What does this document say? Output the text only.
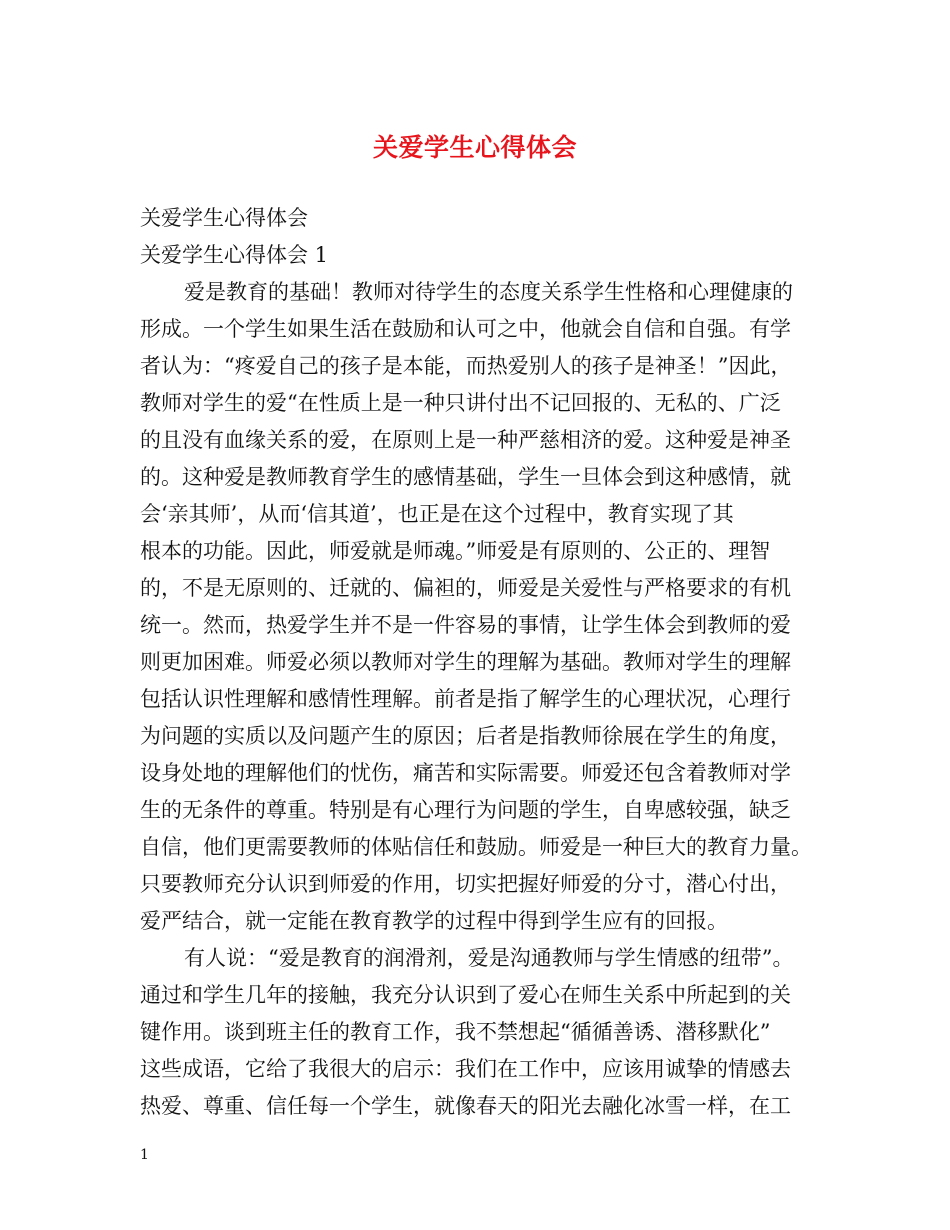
关爱学生心得体会
关爱学生心得体会
关爱学生心得体会 1
爱是教育的基础！教师对待学生的态度关系学生性格和心理健康的
形成。一个学生如果生活在鼓励和认可之中，他就会自信和自强。有学
者认为：“疼爱自己的孩子是本能，而热爱别人的孩子是神圣！”因此，
教师对学生的爱“在性质上是一种只讲付出不记回报的、无私的、广泛
的且没有血缘关系的爱，在原则上是一种严慈相济的爱。这种爱是神圣
的。这种爱是教师教育学生的感情基础，学生一旦体会到这种感情，就
会‘亲其师’，从而‘信其道’，也正是在这个过程中，教育实现了其
根本的功能。因此，师爱就是师魂。”师爱是有原则的、公正的、理智
的，不是无原则的、迁就的、偏袒的，师爱是关爱性与严格要求的有机
统一。然而，热爱学生并不是一件容易的事情，让学生体会到教师的爱
则更加困难。师爱必须以教师对学生的理解为基础。教师对学生的理解
包括认识性理解和感情性理解。前者是指了解学生的心理状况，心理行
为问题的实质以及问题产生的原因；后者是指教师徐展在学生的角度，
设身处地的理解他们的忧伤，痛苦和实际需要。师爱还包含着教师对学
生的无条件的尊重。特别是有心理行为问题的学生，自卑感较强，缺乏
自信，他们更需要教师的体贴信任和鼓励。师爱是一种巨大的教育力量。
只要教师充分认识到师爱的作用，切实把握好师爱的分寸，潜心付出，
爱严结合，就一定能在教育教学的过程中得到学生应有的回报。
有人说：“爱是教育的润滑剂，爱是沟通教师与学生情感的纽带”。
通过和学生几年的接触，我充分认识到了爱心在师生关系中所起到的关
键作用。谈到班主任的教育工作，我不禁想起“循循善诱、潜移默化”
这些成语，它给了我很大的启示：我们在工作中，应该用诚挚的情感去
热爱、尊重、信任每一个学生，就像春天的阳光去融化冰雪一样，在工
1
